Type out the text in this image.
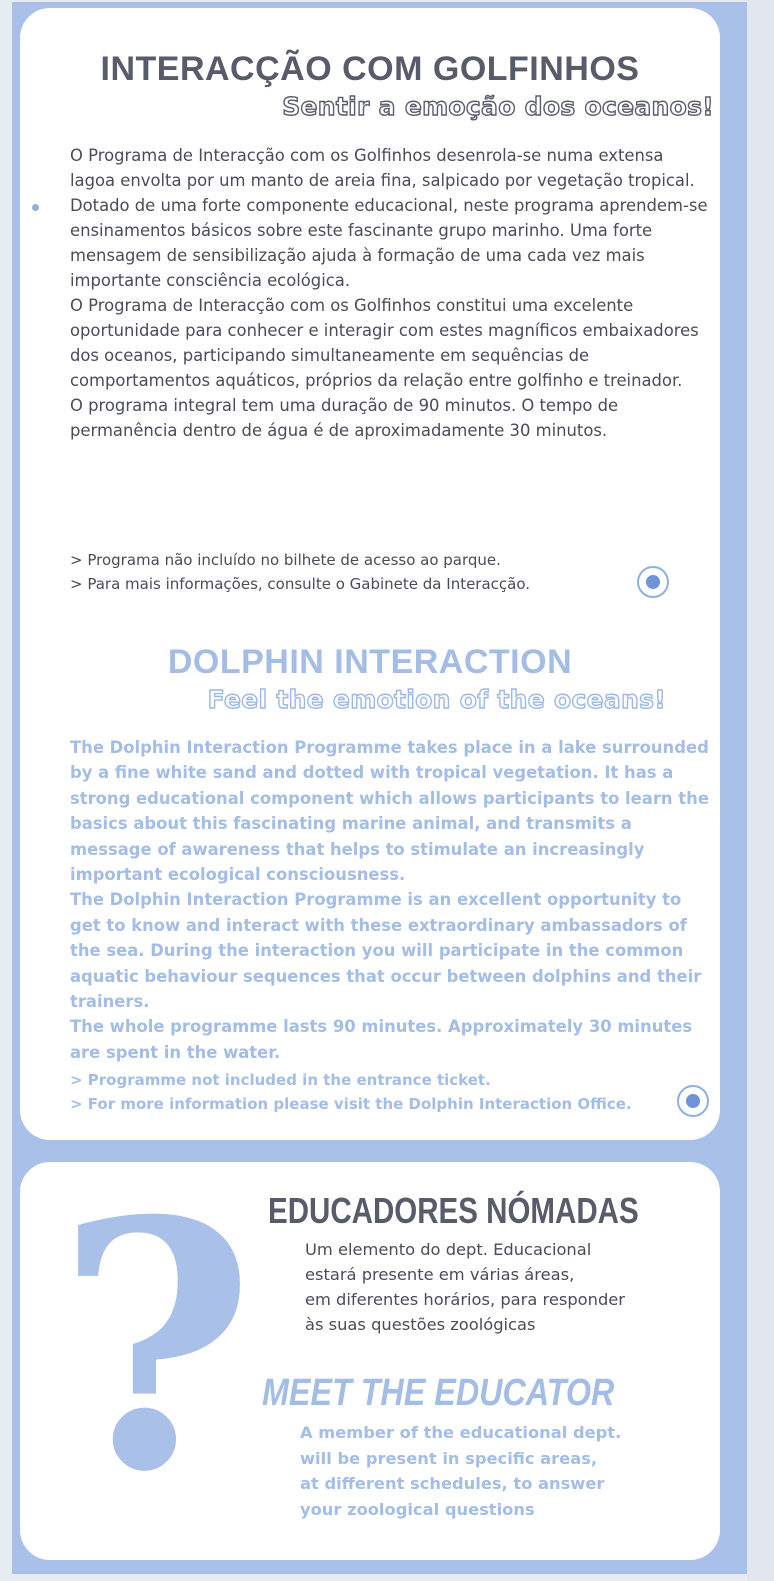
INTERACÇÃO COM GOLFINHOS
Sentir a emoção dos oceanos!

O Programa de Interacção com os Golfinhos desenrola-se numa extensa lagoa envolta por um manto de areia fina, salpicado por vegetação tropical.

Dotado de uma forte componente educacional, neste programa aprendem-se ensinamentos básicos sobre este fascinante grupo marinho. Uma forte mensagem de sensibilização ajuda à formação de uma cada vez mais importante consciência ecológica.

O Programa de Interacção com os Golfinhos constitui uma excelente oportunidade para conhecer e interagir com estes magníficos embaixadores dos oceanos, participando simultaneamente em sequências de comportamentos aquáticos, próprios da relação entre golfinho e treinador.

O programa integral tem uma duração de 90 minutos. O tempo de permanência dentro de água é de aproximadamente 30 minutos.

> Programa não incluído no bilhete de acesso ao parque.
> Para mais informações, consulte o Gabinete da Interacção.
DOLPHIN INTERACTION
Feel the emotion of the oceans!

The Dolphin Interaction Programme takes place in a lake surrounded by a fine white sand and dotted with tropical vegetation. It has a strong educational component which allows participants to learn the basics about this fascinating marine animal, and transmits a message of awareness that helps to stimulate an increasingly important ecological consciousness.

The Dolphin Interaction Programme is an excellent opportunity to get to know and interact with these extraordinary ambassadors of the sea. During the interaction you will participate in the common aquatic behaviour sequences that occur between dolphins and their trainers.

The whole programme lasts 90 minutes. Approximately 30 minutes are spent in the water.

> Programme not included in the entrance ticket.
> For more information please visit the Dolphin Interaction Office.
? EDUCADORES NÓMADAS
Um elemento do dept. Educacional
estará presente em várias áreas,
em diferentes horários, para responder
às suas questões zoológicas
MEET THE EDUCATOR
A member of the educational dept.
will be present in specific areas,
at different schedules, to answer
your zoological questions
